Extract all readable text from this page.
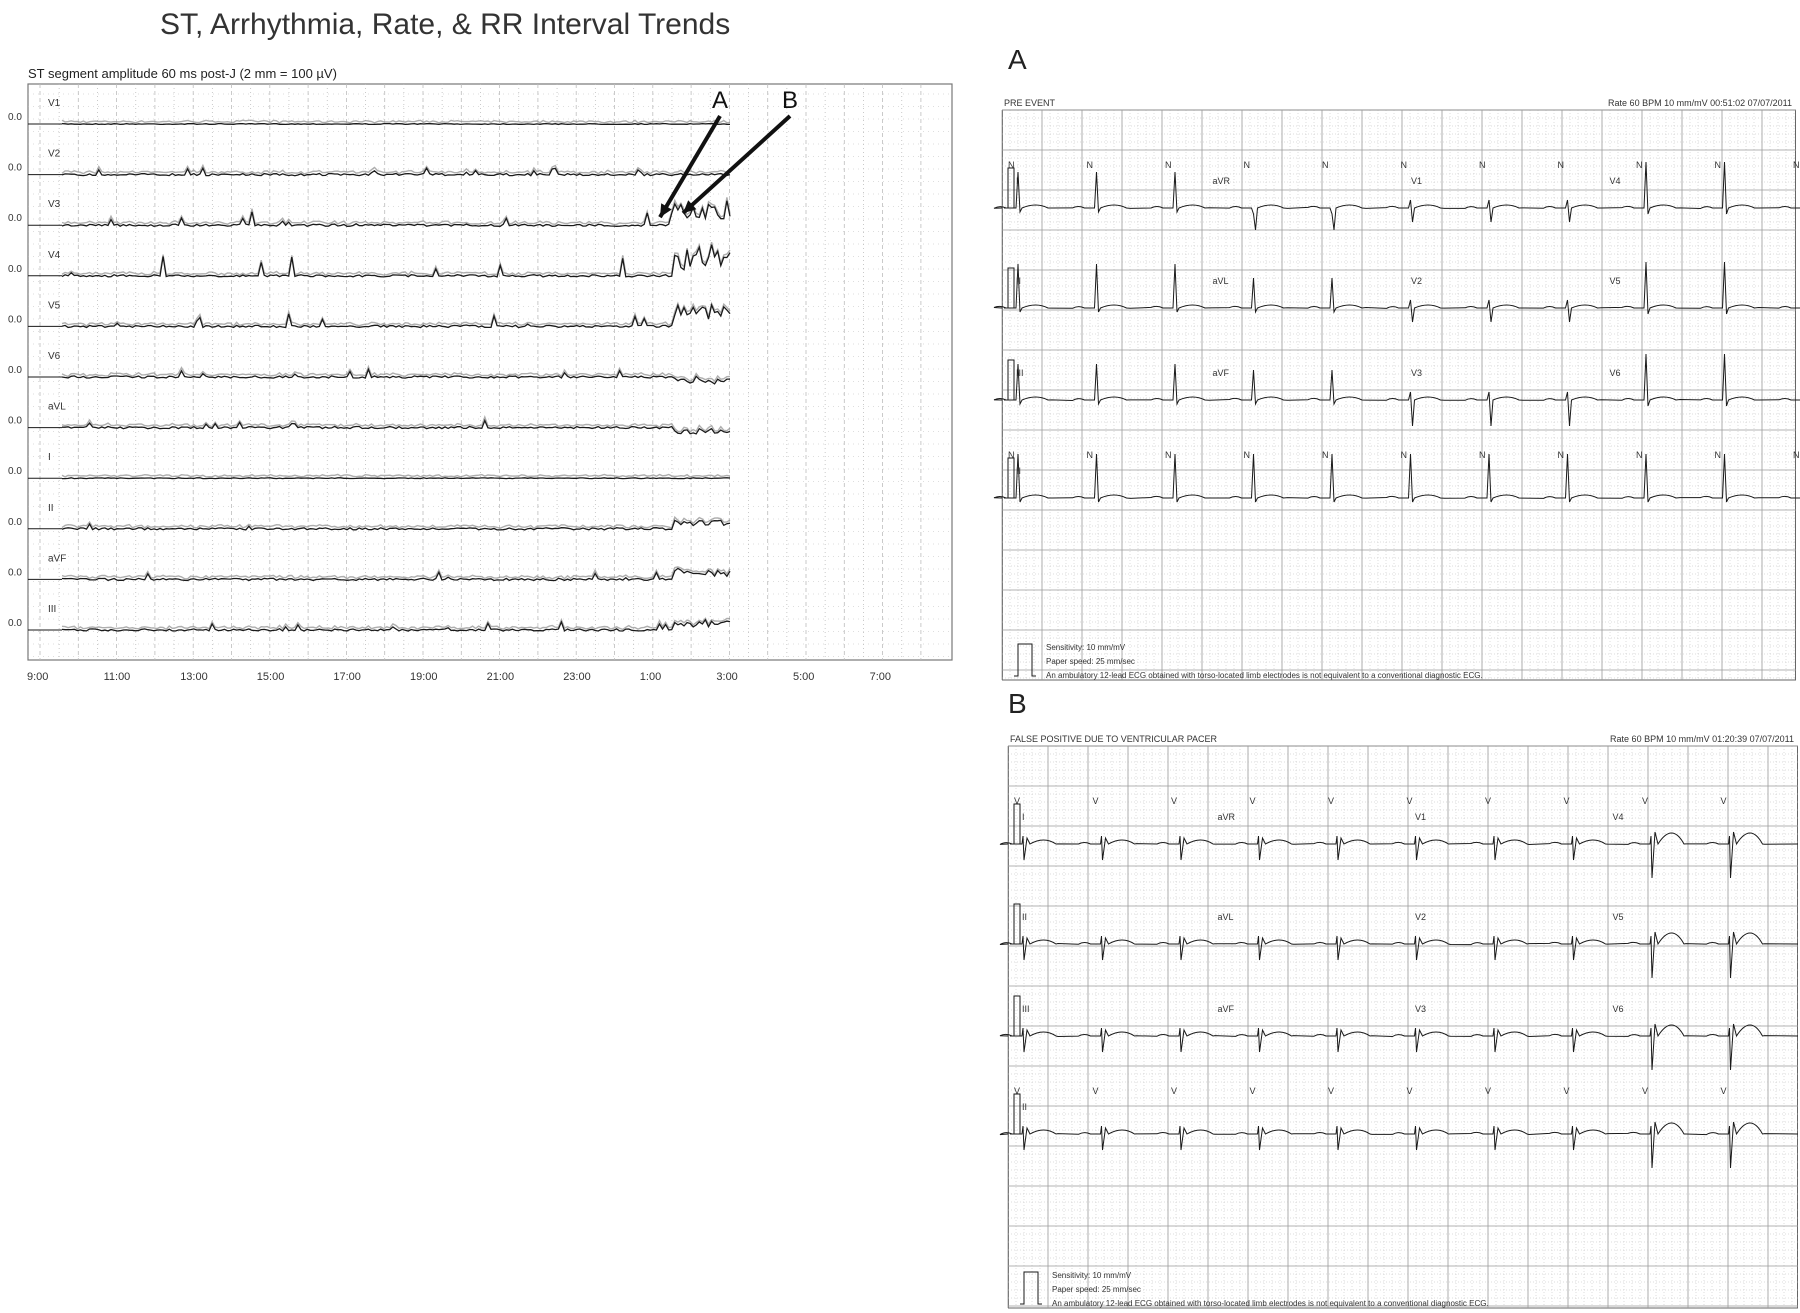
ST, Arrhythmia, Rate, & RR Interval Trends
ST segment amplitude 60 ms post-J (2 mm = 100 µV)
9:00	11:00	13:00	15:00	17:00	19:00	21:00	23:00	1:00	3:00	5:00	7:00
0.0
V1
0.0
V2
0.0
V3
0.0
V4
0.0
V5
0.0
V6
0.0
aVL
0.0
I
0.0
II
0.0
aVF
0.0
III
A B
A
PRE EVENT	Rate 60 BPM 10 mm/mV 00:51:02 07/07/2011
N	N	N	N	N	N	N	N	N	N	N
I	aVR	V1	V4
II	aVL	V2	V5
III	aVF	V3	V6
N	N	N	N	N	N	N	N	N	N	N
II
Sensitivity: 10 mm/mV
Paper speed: 25 mm/sec
An ambulatory 12-lead ECG obtained with torso-located limb electrodes is not equivalent to a conventional diagnostic ECG.
B
FALSE POSITIVE DUE TO VENTRICULAR PACER	Rate 60 BPM 10 mm/mV 01:20:39 07/07/2011
V	V	V	V	V	V	V	V	V	V
I	aVR	V1	V4
II	aVL	V2	V5
III	aVF	V3	V6
V	V	V	V	V	V	V	V	V	V
II
Sensitivity: 10 mm/mV
Paper speed: 25 mm/sec
An ambulatory 12-lead ECG obtained with torso-located limb electrodes is not equivalent to a conventional diagnostic ECG.
